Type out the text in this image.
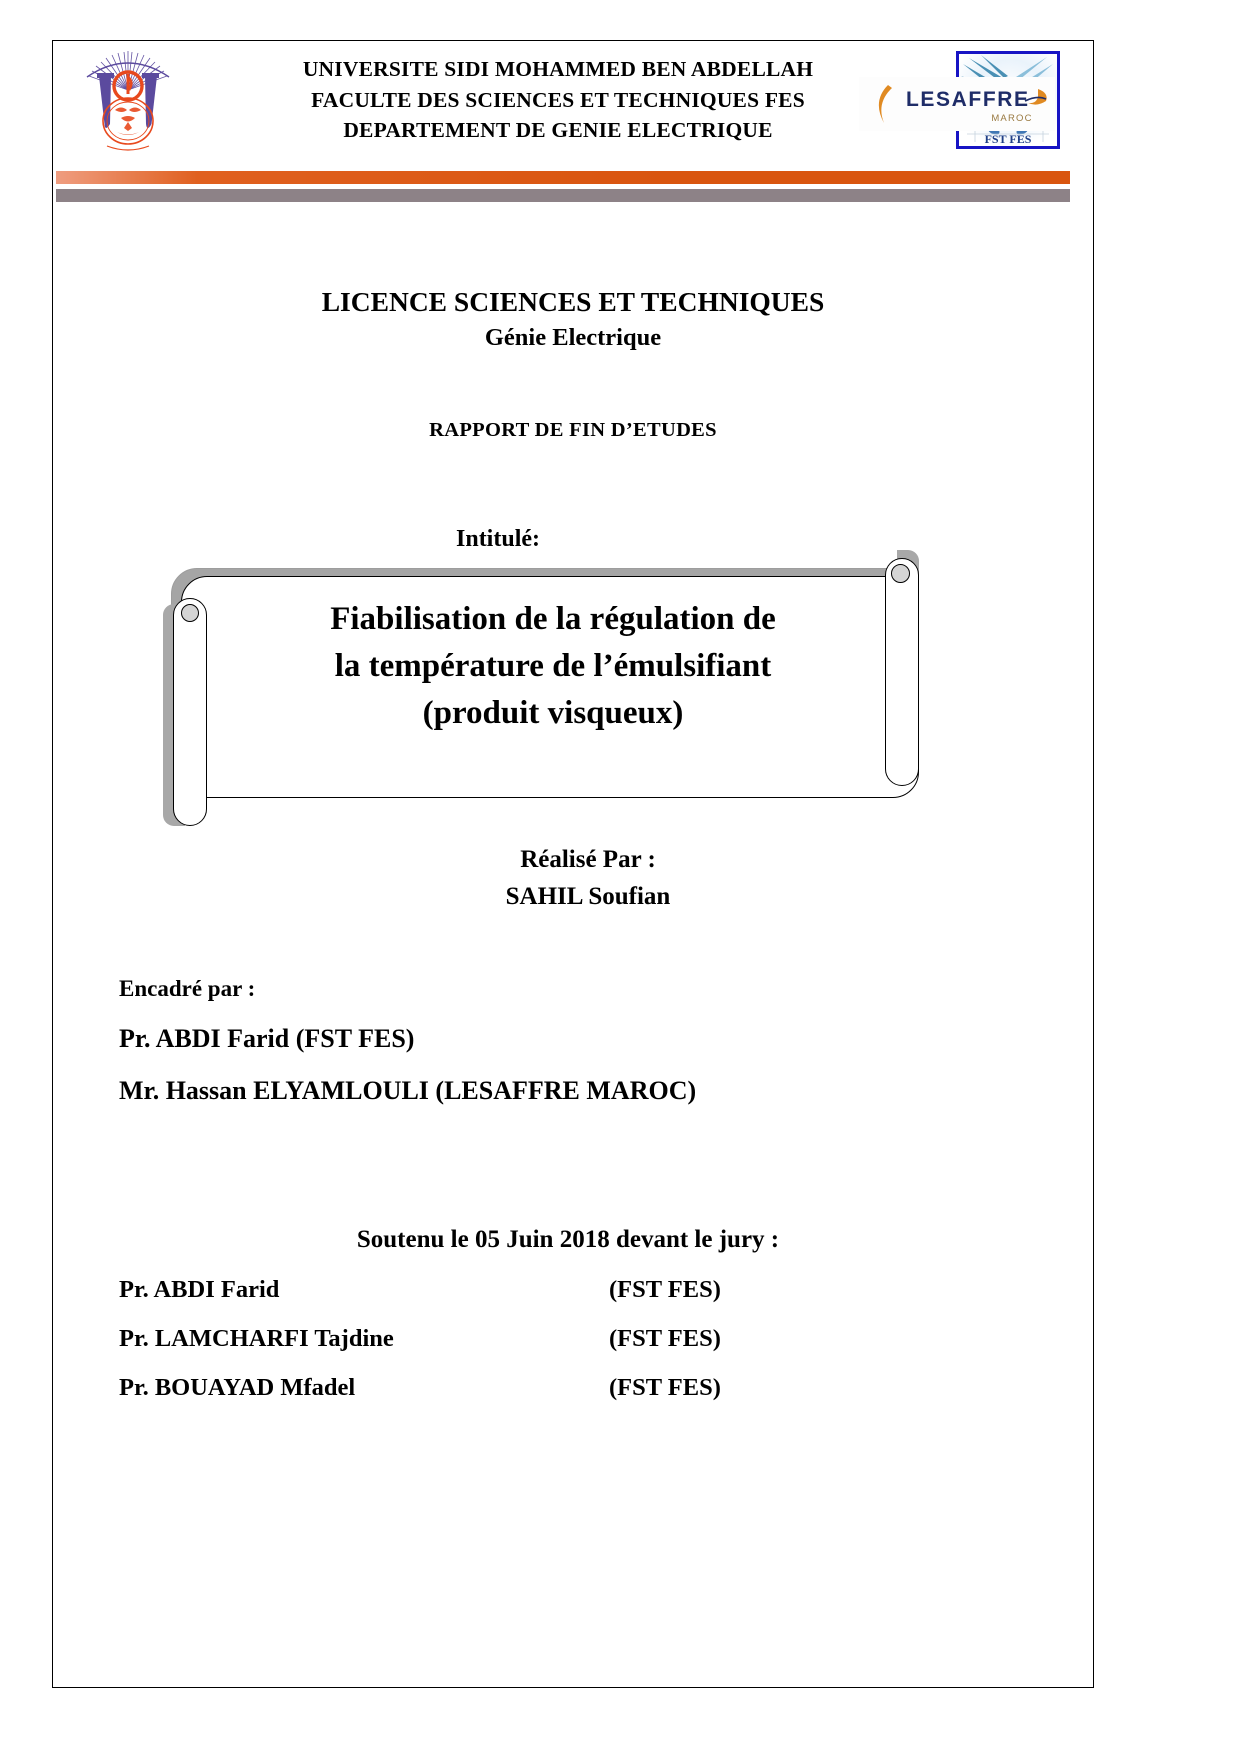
UNIVERSITE SIDI MOHAMMED BEN ABDELLAH
FACULTE DES SCIENCES ET TECHNIQUES FES
DEPARTEMENT DE GENIE ELECTRIQUE	FST FES
LESAFFRE
MAROC
LICENCE SCIENCES ET TECHNIQUES
Génie Electrique
RAPPORT DE FIN D’ETUDES
Intitulé:
Fiabilisation de la régulation de
la température de l’émulsifiant
(produit visqueux)
Réalisé Par :
SAHIL Soufian
Encadré par :
Pr. ABDI Farid (FST FES)
Mr. Hassan ELYAMLOULI (LESAFFRE MAROC)
Soutenu le 05 Juin 2018 devant le jury :
Pr. ABDI Farid	(FST FES)
Pr. LAMCHARFI Tajdine	(FST FES)
Pr. BOUAYAD Mfadel	(FST FES)
